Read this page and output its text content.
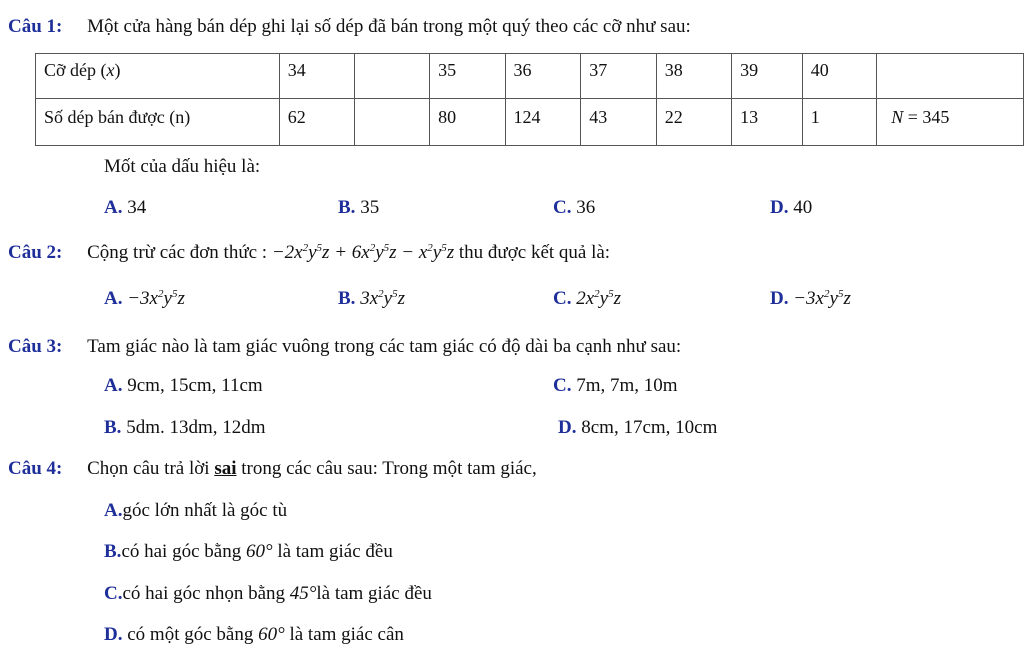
Câu 1: Một cửa hàng bán dép ghi lại số dép đã bán trong một quý theo các cỡ như sau:
Cỡ dép (x)	34		35	36	37	38	39	40	
Số dép bán được (n)	62		80	124	43	22	13	1	N = 345
Mốt của dấu hiệu là:
A. 34	B. 35	C. 36	D. 40
Câu 2: Cộng trừ các đơn thức : $-2x^2y^5z + 6x^2y^5z - x^2y^5z$ thu được kết quả là:
A. $-3x^2y^5z$	B. $3x^2y^5z$	C. $2x^2y^5z$	D. $-3x^2y^5z$
Câu 3: Tam giác nào là tam giác vuông trong các tam giác có độ dài ba cạnh như sau:
A. 9cm, 15cm, 11cm	C. 7m, 7m, 10m
B. 5dm. 13dm, 12dm	D. 8cm, 17cm, 10cm
Câu 4: Chọn câu trả lời sai trong các câu sau: Trong một tam giác,
A.góc lớn nhất là góc tù
B.có hai góc bằng 60° là tam giác đều
C.có hai góc nhọn bằng 45°là tam giác đều
D. có một góc bằng 60° là tam giác cân
